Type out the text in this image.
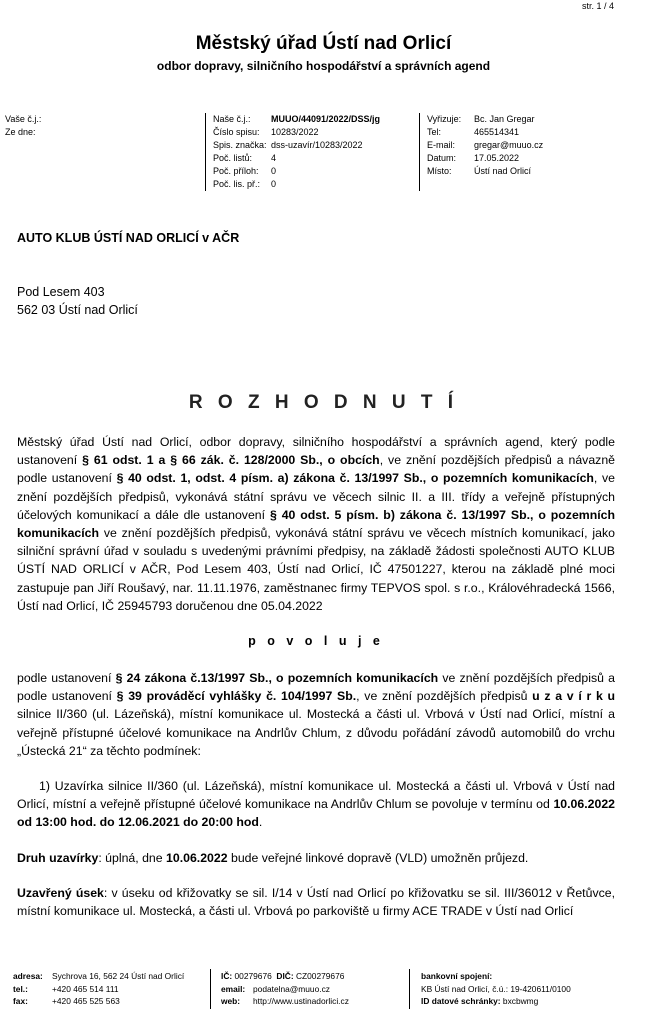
str. 1 / 4
Městský úřad Ústí nad Orlicí
odbor dopravy, silničního hospodářství a správních agend
Vaše č.j.:
Ze dne:
Naše č.j.: MUUO/44091/2022/DSS/jg
Číslo spisu: 10283/2022
Spis. značka: dss-uzavír/10283/2022
Poč. listů: 4
Poč. příloh: 0
Poč. lis. př.: 0
Vyřizuje: Bc. Jan Gregar
Tel:	465514341
E-mail: gregar@muuo.cz
Datum: 17.05.2022
Místo: Ústí nad Orlicí
AUTO KLUB ÚSTÍ NAD ORLICÍ v AČR
Pod Lesem 403
562 03 Ústí nad Orlicí
R O Z H O D N U T Í
Městský úřad Ústí nad Orlicí, odbor dopravy, silničního hospodářství a správních agend, který podle ustanovení § 61 odst. 1 a § 66 zák. č. 128/2000 Sb., o obcích, ve znění pozdějších předpisů a návazně podle ustanovení § 40 odst. 1, odst. 4 písm. a) zákona č. 13/1997 Sb., o pozemních komunikacích, ve znění pozdějších předpisů, vykonává státní správu ve věcech silnic II. a III. třídy a veřejně přístupných účelových komunikací a dále dle ustanovení § 40 odst. 5 písm. b) zákona č. 13/1997 Sb., o pozemních komunikacích ve znění pozdějších předpisů, vykonává státní správu ve věcech místních komunikací, jako silniční správní úřad v souladu s uvedenými právními předpisy, na základě žádosti společnosti AUTO KLUB ÚSTÍ NAD ORLICÍ v AČR, Pod Lesem 403, Ústí nad Orlicí, IČ 47501227, kterou na základě plné moci zastupuje pan Jiří Roušavý, nar. 11.11.1976, zaměstnanec firmy TEPVOS spol. s r.o., Královéhradecká 1566, Ústí nad Orlicí, IČ 25945793 doručenou dne 05.04.2022
p o v o l u j e
podle ustanovení § 24 zákona č.13/1997 Sb., o pozemních komunikacích ve znění pozdějších předpisů a podle ustanovení § 39 prováděcí vyhlášky č. 104/1997 Sb., ve znění pozdějších předpisů u z a v í r k u silnice II/360 (ul. Lázeňská), místní komunikace ul. Mostecká a části ul. Vrbová v Ústí nad Orlicí, místní a veřejně přístupné účelové komunikace na Andrlův Chlum, z důvodu pořádání závodů automobilů do vrchu „Ústecká 21“ za těchto podmínek:
1) Uzavírka silnice II/360 (ul. Lázeňská), místní komunikace ul. Mostecká a části ul. Vrbová v Ústí nad Orlicí, místní a veřejně přístupné účelové komunikace na Andrlův Chlum se povoluje v termínu od 10.06.2022 od 13:00 hod. do 12.06.2021 do 20:00 hod.
Druh uzavírky: úplná, dne 10.06.2022 bude veřejné linkové dopravě (VLD) umožněn průjezd.
Uzavřený úsek: v úseku od křižovatky se sil. I/14 v Ústí nad Orlicí po křižovatku se sil. III/36012 v Řetůvce, místní komunikace ul. Mostecká, a části ul. Vrbová po parkoviště u firmy ACE TRADE v Ústí nad Orlicí
adresa: Sychrova 16, 562 24 Ústí nad Orlicí
tel.:	+420 465 514 111
fax:	+420 465 525 563
IČ: 00279676 DIČ: CZ00279676
email: podatelna@muuo.cz
web: http://www.ustinadorlici.cz
bankovní spojení:
KB Ústí nad Orlicí, č.ú.: 19-420611/0100
ID datové schránky: bxcbwmg
